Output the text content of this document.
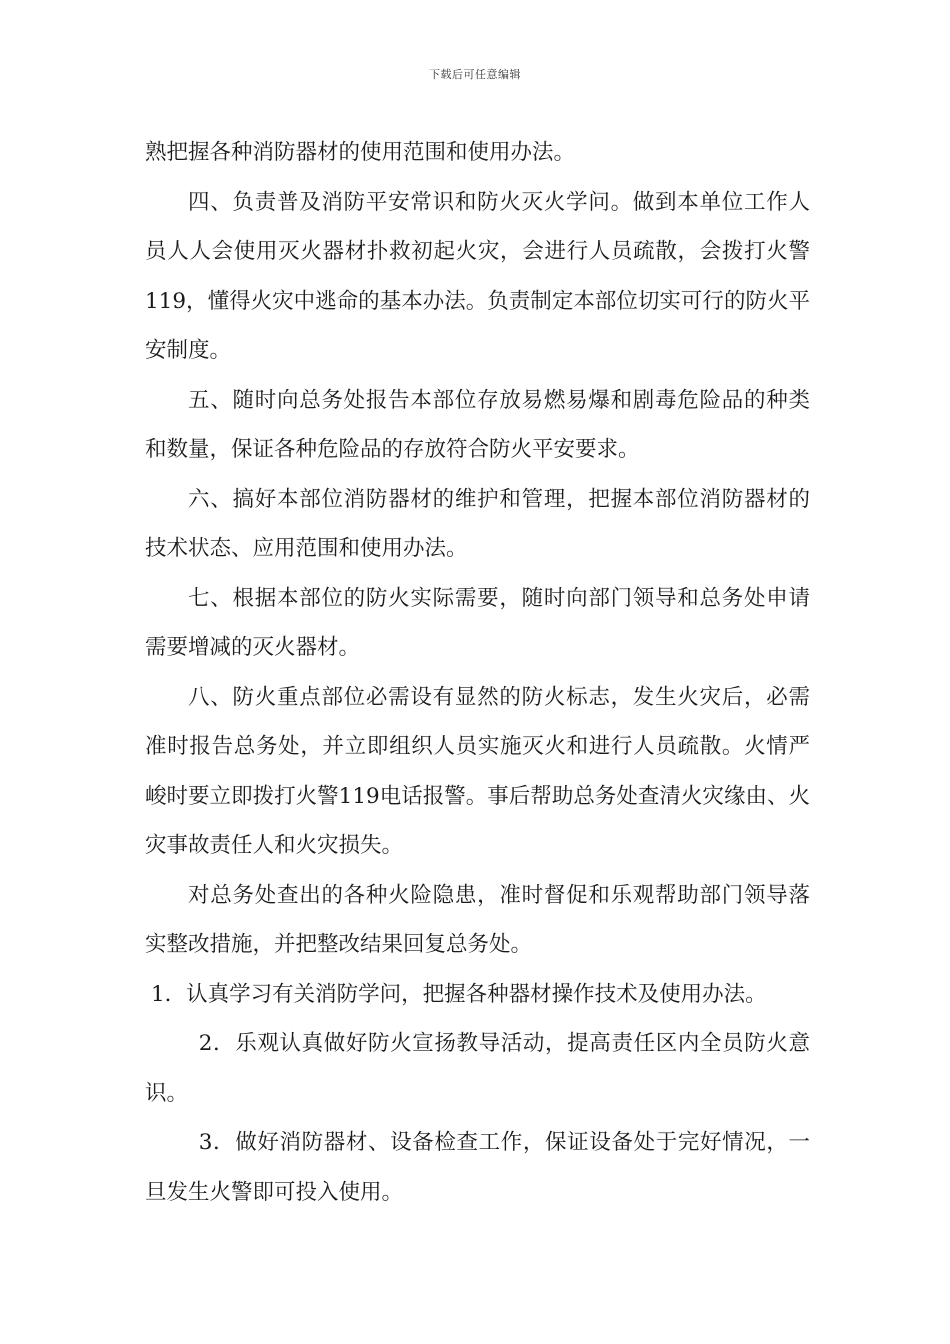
下载后可任意编辑

熟把握各种消防器材的使用范围和使用办法。

四、负责普及消防平安常识和防火灭火学问。做到本单位工作人员人人会使用灭火器材扑救初起火灾，会进行人员疏散，会拨打火警119，懂得火灾中逃命的基本办法。负责制定本部位切实可行的防火平安制度。

五、随时向总务处报告本部位存放易燃易爆和剧毒危险品的种类和数量，保证各种危险品的存放符合防火平安要求。

六、搞好本部位消防器材的维护和管理，把握本部位消防器材的技术状态、应用范围和使用办法。

七、根据本部位的防火实际需要，随时向部门领导和总务处申请需要增减的灭火器材。

八、防火重点部位必需设有显然的防火标志，发生火灾后，必需准时报告总务处，并立即组织人员实施灭火和进行人员疏散。火情严峻时要立即拨打火警119电话报警。事后帮助总务处查清火灾缘由、火灾事故责任人和火灾损失。

对总务处查出的各种火险隐患，准时督促和乐观帮助部门领导落实整改措施，并把整改结果回复总务处。

1．认真学习有关消防学问，把握各种器材操作技术及使用办法。

2．乐观认真做好防火宣扬教导活动，提高责任区内全员防火意识。

3．做好消防器材、设备检查工作，保证设备处于完好情况，一旦发生火警即可投入使用。
